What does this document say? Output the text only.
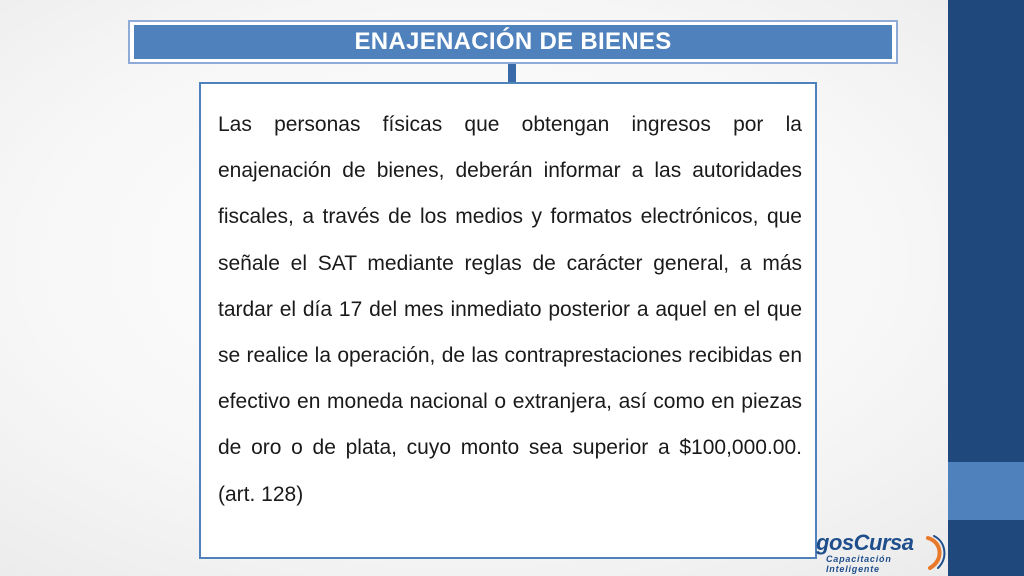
ENAJENACIÓN DE BIENES

Las personas físicas que obtengan ingresos por la enajenación de bienes, deberán informar a las autoridades fiscales, a través de los medios y formatos electrónicos, que señale el SAT mediante reglas de carácter general, a más tardar el día 17 del mes inmediato posterior a aquel en el que se realice la operación, de las contraprestaciones recibidas en efectivo en moneda nacional o extranjera, así como en piezas de oro o de plata, cuyo monto sea superior a $100,000.00. (art. 128)

gosCursa
Capacitación
Inteligente
